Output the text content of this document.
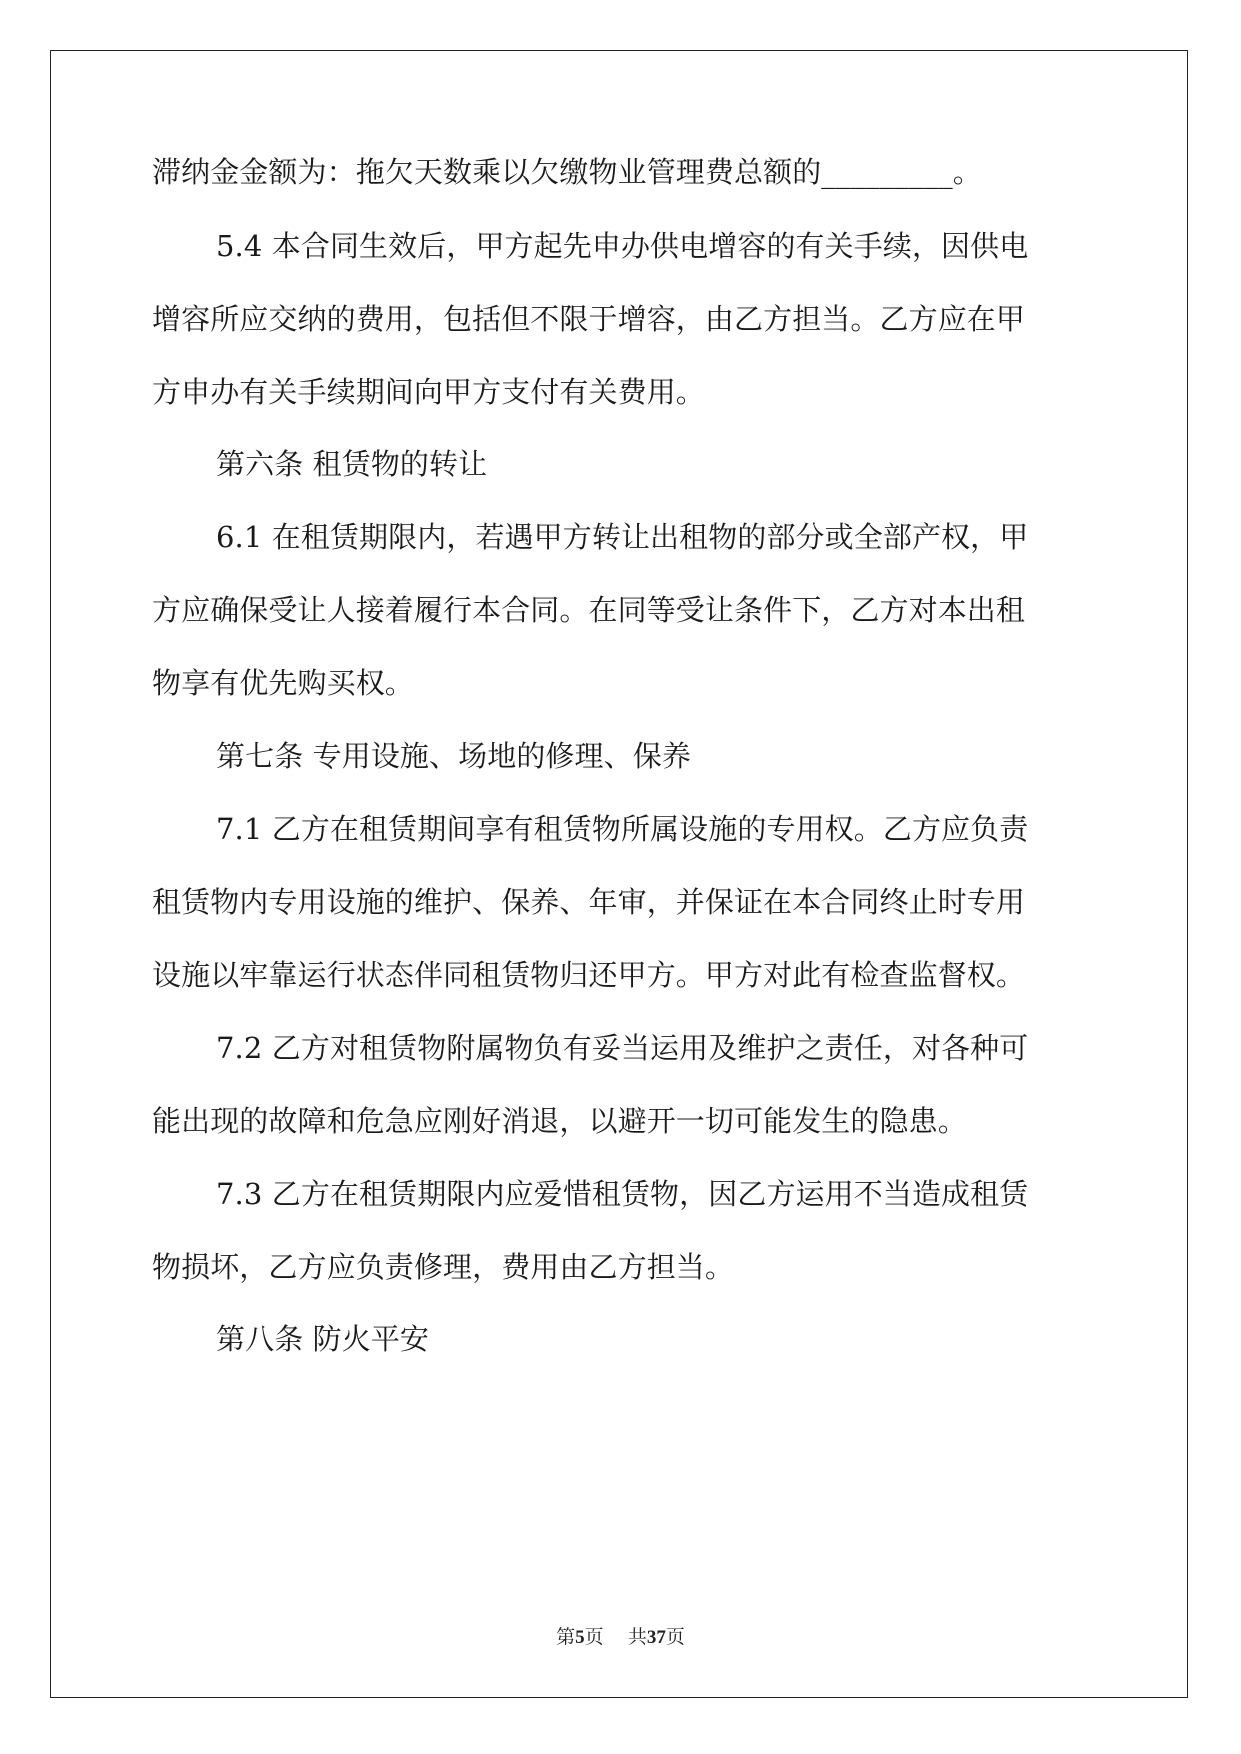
滞纳金金额为：拖欠天数乘以欠缴物业管理费总额的_________。
5.4 本合同生效后，甲方起先申办供电增容的有关手续，因供电
增容所应交纳的费用，包括但不限于增容，由乙方担当。乙方应在甲
方申办有关手续期间向甲方支付有关费用。
第六条 租赁物的转让
6.1 在租赁期限内，若遇甲方转让出租物的部分或全部产权，甲
方应确保受让人接着履行本合同。在同等受让条件下，乙方对本出租
物享有优先购买权。
第七条 专用设施、场地的修理、保养
7.1 乙方在租赁期间享有租赁物所属设施的专用权。乙方应负责
租赁物内专用设施的维护、保养、年审，并保证在本合同终止时专用
设施以牢靠运行状态伴同租赁物归还甲方。甲方对此有检查监督权。
7.2 乙方对租赁物附属物负有妥当运用及维护之责任，对各种可
能出现的故障和危急应刚好消退，以避开一切可能发生的隐患。
7.3 乙方在租赁期限内应爱惜租赁物，因乙方运用不当造成租赁
物损坏，乙方应负责修理，费用由乙方担当。
第八条 防火平安
第5页 共37页
